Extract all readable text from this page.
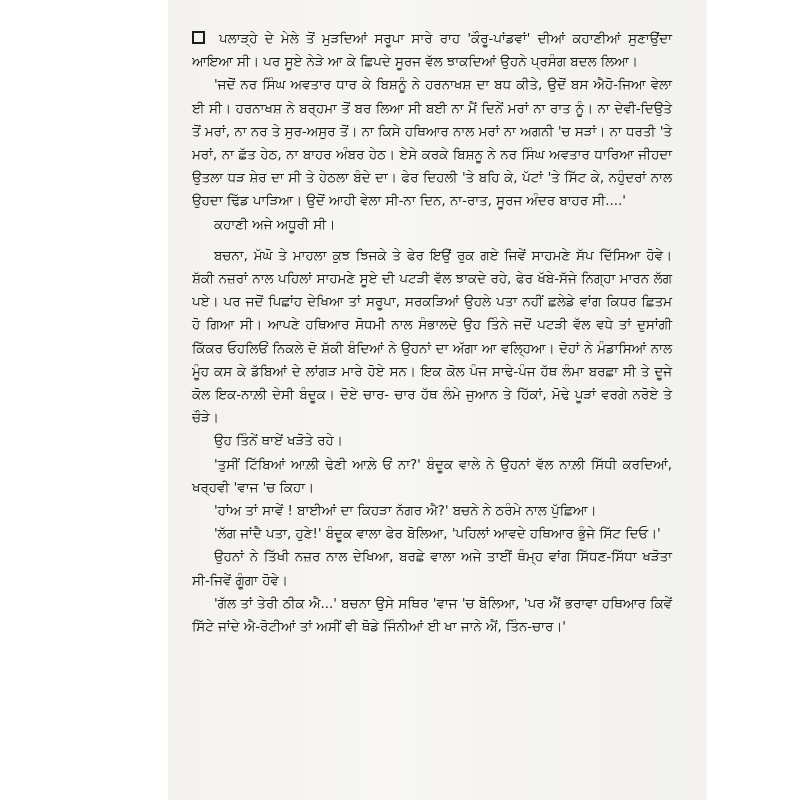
ਪਲਾੜ੍ਹੇ ਦੇ ਮੇਲੇ ਤੋਂ ਮੁੜਦਿਆਂ ਸਰੂਪਾ ਸਾਰੇ ਰਾਹ 'ਕੌਰੂ-ਪਾਂਡਵਾਂ' ਦੀਆਂ ਕਹਾਣੀਆਂ ਸੁਣਾਉਂਦਾ ਆਇਆ ਸੀ। ਪਰ ਸੂਏ ਨੇੜੇ ਆ ਕੇ ਛਿਪਦੇ ਸੂਰਜ ਵੱਲ ਝਾਕਦਿਆਂ ਉਹਨੇ ਪ੍ਰਸੰਗ ਬਦਲ ਲਿਆ।

'ਜਦੋਂ ਨਰ ਸਿੰਘ ਅਵਤਾਰ ਧਾਰ ਕੇ ਬਿਸ਼ਨੂੰ ਨੇ ਹਰਨਾਖਸ਼ ਦਾ ਬਧ ਕੀਤੇ, ਉਦੋਂ ਬਸ ਐਹੋ-ਜਿਆ ਵੇਲਾ ਈ ਸੀ। ਹਰਨਾਖਸ਼ ਨੇ ਬਰ੍ਹਮਾ ਤੋਂ ਬਰ ਲਿਆ ਸੀ ਬਈ ਨਾ ਮੈਂ ਦਿਨੇਂ ਮਰਾਂ ਨਾ ਰਾਤ ਨੂੰ। ਨਾ ਦੇਵੀ-ਦਿਉਤੇ ਤੋਂ ਮਰਾਂ, ਨਾ ਨਰ ਤੇ ਸੁਰ-ਅਸੁਰ ਤੋਂ। ਨਾ ਕਿਸੇ ਹਥਿਆਰ ਨਾਲ ਮਰਾਂ ਨਾ ਅਗਨੀ 'ਚ ਸੜਾਂ। ਨਾ ਧਰਤੀ 'ਤੇ ਮਰਾਂ, ਨਾ ਛੱਤ ਹੇਠ, ਨਾ ਬਾਹਰ ਅੰਬਰ ਹੇਠ। ਏਸੇ ਕਰਕੇ ਬਿਸ਼ਨੂ ਨੇ ਨਰ ਸਿੰਘ ਅਵਤਾਰ ਧਾਰਿਆ ਜੀਹਦਾ ਉਤਲਾ ਧੜ ਸ਼ੇਰ ਦਾ ਸੀ ਤੇ ਹੇਠਲਾ ਬੰਦੇ ਦਾ। ਫੇਰ ਦਿਹਲੀ 'ਤੇ ਬਹਿ ਕੇ, ਪੱਟਾਂ 'ਤੇ ਸਿੱਟ ਕੇ, ਨਹੁੰਦਰਾਂ ਨਾਲ ਉਹਦਾ ਢਿੱਡ ਪਾੜਿਆ। ਉਦੋਂ ਆਹੀ ਵੇਲਾ ਸੀ-ਨਾ ਦਿਨ, ਨਾ-ਰਾਤ, ਸੂਰਜ ਅੰਦਰ ਬਾਹਰ ਸੀ....'

ਕਹਾਣੀ ਅਜੇ ਅਧੂਰੀ ਸੀ।

ਬਚਨਾ, ਮੱਘੋ ਤੇ ਮਾਹਲਾ ਕੁਝ ਝਿਜਕੇ ਤੇ ਫੇਰ ਇਉਂ ਰੁਕ ਗਏ ਜਿਵੇਂ ਸਾਹਮਣੇ ਸੱਪ ਦਿੱਸਿਆ ਹੋਵੇ। ਸ਼ੱਕੀ ਨਜ਼ਰਾਂ ਨਾਲ ਪਹਿਲਾਂ ਸਾਹਮਣੇ ਸੂਏ ਦੀ ਪਟੜੀ ਵੱਲ ਝਾਕਦੇ ਰਹੇ, ਫੇਰ ਖੱਬੇ-ਸੱਜੇ ਨਿਗ੍ਹਾ ਮਾਰਨ ਲੱਗ ਪਏ। ਪਰ ਜਦੋਂ ਪਿਛਾਂਹ ਦੇਖਿਆ ਤਾਂ ਸਰੂਪਾ, ਸਰਕੜਿਆਂ ਉਹਲੇ ਪਤਾ ਨਹੀਂ ਛਲੇਡੇ ਵਾਂਗ ਕਿਧਰ ਛਿਤਮ ਹੋ ਗਿਆ ਸੀ। ਆਪਣੇ ਹਥਿਆਰ ਸੋਧਮੀ ਨਾਲ ਸੰਭਾਲਦੇ ਉਹ ਤਿੰਨੇ ਜਦੋਂ ਪਟੜੀ ਵੱਲ ਵਧੇ ਤਾਂ ਦੁਸਾਂਗੀ ਕਿੱਕਰ ਓਹਲਿਓਂ ਨਿਕਲੇ ਦੋ ਸ਼ੱਕੀ ਬੰਦਿਆਂ ਨੇ ਉਹਨਾਂ ਦਾ ਅੱਗਾ ਆ ਵਲ੍ਹਿਆ। ਦੋਹਾਂ ਨੇ ਮੰਡਾਸਿਆਂ ਨਾਲ ਮੂੰਹ ਕਸ ਕੇ ਡੱਬਿਆਂ ਦੇ ਲਾਂਗੜ ਮਾਰੇ ਹੋਏ ਸਨ। ਇਕ ਕੋਲ ਪੰਜ ਸਾਢੇ-ਪੰਜ ਹੱਥ ਲੰਮਾ ਬਰਛਾ ਸੀ ਤੇ ਦੂਜੇ ਕੋਲ ਇਕ-ਨਾਲ਼ੀ ਦੇਸੀ ਬੰਦੂਕ। ਦੋਏ ਚਾਰ- ਚਾਰ ਹੱਥ ਲੰਮੇ ਜੁਆਨ ਤੇ ਹਿੱਕਾਂ, ਮੋਢੇ ਪੂੜਾਂ ਵਰਗੇ ਨਰੋਏ ਤੇ ਚੌੜੇ।

ਉਹ ਤਿੰਨੇਂ ਥਾਏਂ ਖੜੋਤੇ ਰਹੇ।

'ਤੁਸੀਂ ਟਿੱਬਿਆਂ ਆਲ਼ੀ ਢੇਣੀ ਆਲ਼ੇ ਓਂ ਨਾ?' ਬੰਦੂਕ ਵਾਲੇ ਨੇ ਉਹਨਾਂ ਵੱਲ ਨਾਲ਼ੀ ਸਿੱਧੀ ਕਰਦਿਆਂ, ਖਰ੍ਹਵੀ 'ਵਾਜ 'ਚ ਕਿਹਾ।

'ਹਾਂਅ ਤਾਂ ਸਾਵੇਂ ! ਬਾਈਆਂ ਦਾ ਕਿਹੜਾ ਨੱਗਰ ਐ?' ਬਚਨੇ ਨੇ ਠਰੰਮੇ ਨਾਲ ਪੁੱਛਿਆ।

'ਲੱਗ ਜਾਂਦੈ ਪਤਾ, ਹੁਣੇ!' ਬੰਦੂਕ ਵਾਲਾ ਫੇਰ ਬੋਲਿਆ, 'ਪਹਿਲਾਂ ਆਵਦੇ ਹਥਿਆਰ ਭੁੰਜੇ ਸਿੱਟ ਦਿਓ।'

ਉਹਨਾਂ ਨੇ ਤਿੱਖੀ ਨਜ਼ਰ ਨਾਲ ਦੇਖਿਆ, ਬਰਛੇ ਵਾਲਾ ਅਜੇ ਤਾਈਂ ਥੰਮ੍ਹ ਵਾਂਗ ਸਿੱਧਣ-ਸਿੱਧਾ ਖੜੋਤਾ ਸੀ-ਜਿਵੇਂ ਗੂੰਗਾ ਹੋਵੇ।

'ਗੱਲ ਤਾਂ ਤੇਰੀ ਠੀਕ ਐ...' ਬਚਨਾ ਉਸੇ ਸਥਿਰ 'ਵਾਜ 'ਚ ਬੋਲਿਆ, 'ਪਰ ਐਂ ਭਰਾਵਾ ਹਥਿਆਰ ਕਿਵੇਂ ਸਿੱਟੇ ਜਾਂਦੇ ਐ-ਰੋਟੀਆਂ ਤਾਂ ਅਸੀਂ ਵੀ ਥੋਡੇ ਜਿੰਨੀਆਂ ਈ ਖਾ ਜਾਨੇ ਐਂ, ਤਿੰਨ-ਚਾਰ।'
